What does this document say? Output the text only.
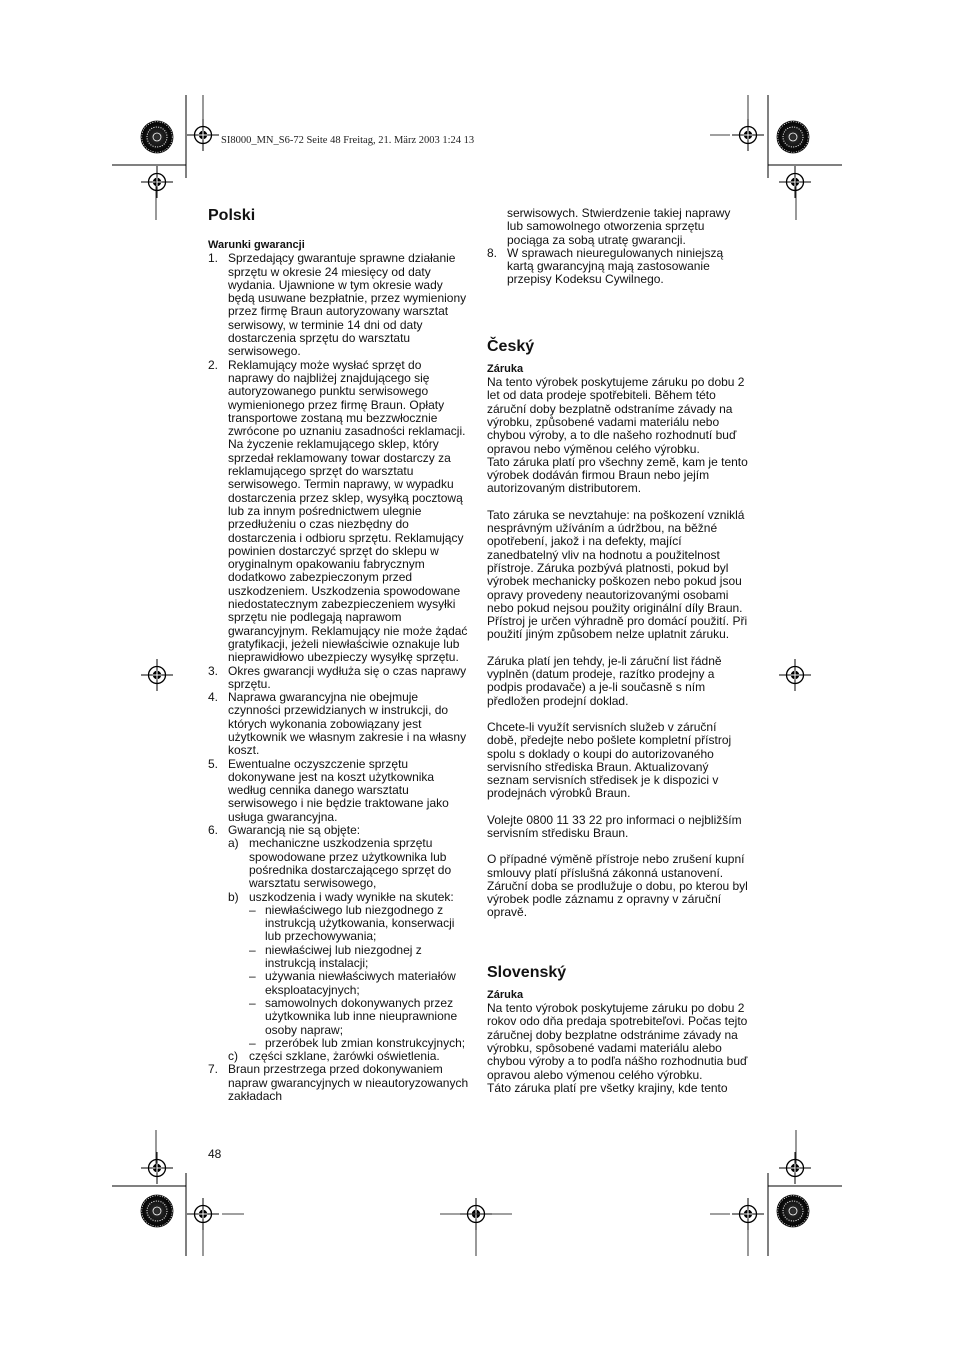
SI8000_MN_S6-72 Seite 48 Freitag, 21. März 2003 1:24 13
Polski
Warunki gwarancji
1. Sprzedający gwarantuje sprawne działanie sprzętu w okresie 24 miesięcy od daty wydania. Ujawnione w tym okresie wady będą usuwane bezpłatnie, przez wymieniony przez firmę Braun autoryzowany warsztat serwisowy, w terminie 14 dni od daty dostarczenia sprzętu do warsztatu serwisowego.
2. Reklamujący może wysłać sprzęt do naprawy do najbliżej znajdującego się autoryzowanego punktu serwisowego wymienionego przez firmę Braun. Opłaty transportowe zostaną mu bezzwłocznie zwrócone po uznaniu zasadności reklamacji. Na życzenie reklamującego sklep, który sprzedał reklamowany towar dostarczy za reklamującego sprzęt do warsztatu serwisowego. Termin naprawy, w wypadku dostarczenia przez sklep, wysyłką pocztową lub za innym pośrednictwem ulegnie przedłużeniu o czas niezbędny do dostarczenia i odbioru sprzętu. Reklamujący powinien dostarczyć sprzęt do sklepu w oryginalnym opakowaniu fabrycznym dodatkowo zabezpieczonym przed uszkodzeniem. Uszkodzenia spowodowane niedostatecznym zabezpieczeniem wysyłki sprzętu nie podlegają naprawom gwarancyjnym. Reklamujący nie może żądać gratyfikacji, jeżeli niewłaściwie oznakuje lub nieprawidłowo ubezpieczy wysyłkę sprzętu.
3. Okres gwarancji wydłuża się o czas naprawy sprzętu.
4. Naprawa gwarancyjna nie obejmuje czynności przewidzianych w instrukcji, do których wykonania zobowiązany jest użytkownik we własnym zakresie i na własny koszt.
5. Ewentualne oczyszczenie sprzętu dokonywane jest na koszt użytkownika według cennika danego warsztatu serwisowego i nie będzie traktowane jako usługa gwarancyjna.
6. Gwarancją nie są objęte:
a) mechaniczne uszkodzenia sprzętu spowodowane przez użytkownika lub pośrednika dostarczającego sprzęt do warsztatu serwisowego,
b) uszkodzenia i wady wynikłe na skutek:
– niewłaściwego lub niezgodnego z instrukcją użytkowania, konserwacji lub przechowywania;
– niewłaściwej lub niezgodnej z instrukcją instalacji;
– używania niewłaściwych materiałów eksploatacyjnych;
– samowolnych dokonywanych przez użytkownika lub inne nieuprawnione osoby napraw;
– przeróbek lub zmian konstrukcyjnych;
c) części szklane, żarówki oświetlenia.
7. Braun przestrzega przed dokonywaniem napraw gwarancyjnych w nieautoryzowanych zakładach
48
serwisowych. Stwierdzenie takiej naprawy lub samowolnego otworzenia sprzętu pociąga za sobą utratę gwarancji.
8. W sprawach nieuregulowanych niniejszą kartą gwarancyjną mają zastosowanie przepisy Kodeksu Cywilnego.
Český
Záruka

Na tento výrobek poskytujeme záruku po dobu 2 let od data prodeje spotřebiteli. Během této záruční doby bezplatně odstraníme závady na výrobku, způsobené vadami materiálu nebo chybou výroby, a to dle našeho rozhodnutí buď opravou nebo výměnou celého výrobku.

Tato záruka platí pro všechny země, kam je tento výrobek dodáván firmou Braun nebo jejím autorizovaným distributorem.

Tato záruka se nevztahuje: na poškození vzniklá nesprávným užíváním a údržbou, na běžné opotřebení, jakož i na defekty, mající zanedbatelný vliv na hodnotu a použitelnost přístroje. Záruka pozbývá platnosti, pokud byl výrobek mechanicky poškozen nebo pokud jsou opravy provedeny neautorizovanými osobami nebo pokud nejsou použity originální díly Braun. Přístroj je určen výhradně pro domácí použití. Při použití jiným způsobem nelze uplatnit záruku.

Záruka platí jen tehdy, je-li záruční list řádně vyplněn (datum prodeje, razítko prodejny a podpis prodavače) a je-li současně s ním předložen prodejní doklad.

Chcete-li využít servisních služeb v záruční době, předejte nebo pošlete kompletní přístroj spolu s doklady o koupi do autorizovaného servisního střediska Braun. Aktualizovaný seznam servisních středisek je k dispozici v prodejnách výrobků Braun.

Volejte 0800 11 33 22 pro informaci o nejbližším servisním středisku Braun.

O případné výměně přístroje nebo zrušení kupní smlouvy platí příslušná zákonná ustanovení. Záruční doba se prodlužuje o dobu, po kterou byl výrobek podle záznamu z opravny v záruční opravě.

Slovenský
Záruka

Na tento výrobok poskytujeme záruku po dobu 2 rokov odo dňa predaja spotrebiteľovi. Počas tejto záručnej doby bezplatne odstránime závady na výrobku, spôsobené vadami materiálu alebo chybou výroby a to podľa nášho rozhodnutia buď opravou alebo výmenou celého výrobku.

Táto záruka platí pre všetky krajiny, kde tento
